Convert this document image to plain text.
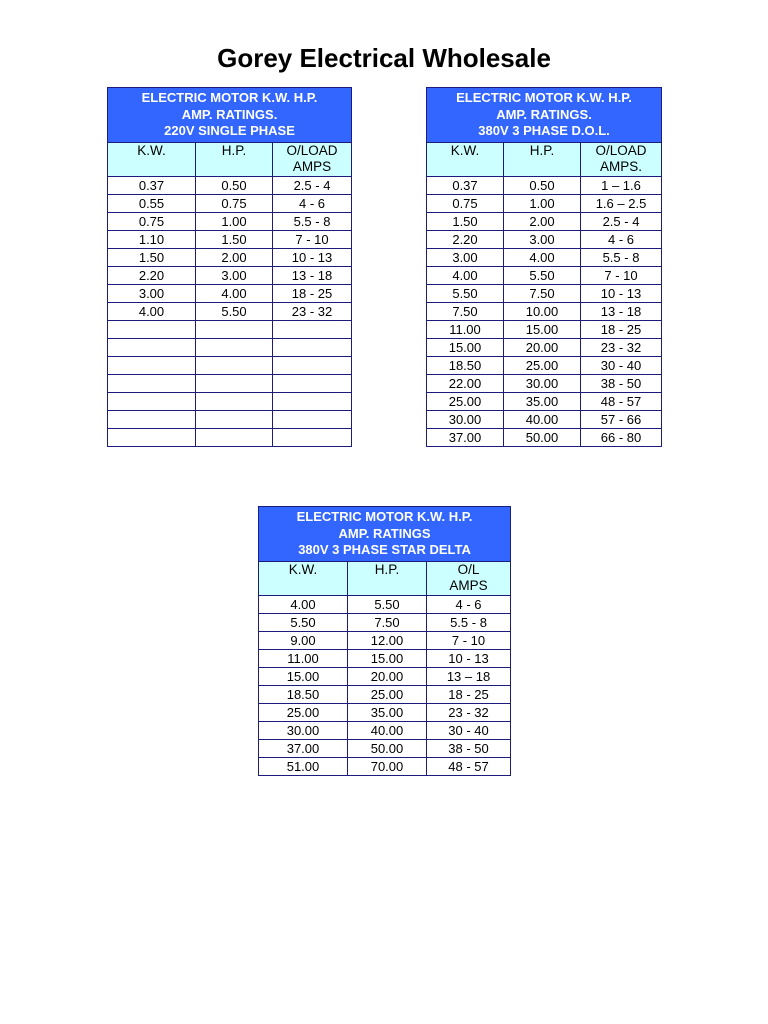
Gorey Electrical Wholesale
ELECTRIC MOTOR K.W. H.P.
AMP. RATINGS.
220V SINGLE PHASE		

K.W.	H.P.	O/LOAD
AMPS

0.37	0.50	2.5 - 4
0.55	0.75	4 - 6
0.75	1.00	5.5 - 8
1.10	1.50	7 - 10
1.50	2.00	10 - 13
2.20	3.00	13 - 18
3.00	4.00	18 - 25
4.00	5.50	23 - 32

ELECTRIC MOTOR K.W. H.P.
AMP. RATINGS.
380V 3 PHASE D.O.L.		

K.W.	H.P.	O/LOAD
AMPS.

0.37	0.50	1 – 1.6
0.75	1.00	1.6 – 2.5
1.50	2.00	2.5 - 4
2.20	3.00	4 - 6
3.00	4.00	5.5 - 8
4.00	5.50	7 - 10
5.50	7.50	10 - 13
7.50	10.00	13 - 18
11.00	15.00	18 - 25
15.00	20.00	23 - 32
18.50	25.00	30 - 40
22.00	30.00	38 - 50
25.00	35.00	48 - 57
30.00	40.00	57 - 66
37.00	50.00	66 - 80
ELECTRIC MOTOR K.W. H.P.
AMP. RATINGS
380V 3 PHASE STAR DELTA		

K.W.	H.P.	O/L
AMPS

4.00	5.50	4 - 6
5.50	7.50	5.5 - 8
9.00	12.00	7 - 10
11.00	15.00	10 - 13
15.00	20.00	13 – 18
18.50	25.00	18 - 25
25.00	35.00	23 - 32
30.00	40.00	30 - 40
37.00	50.00	38 - 50
51.00	70.00	48 - 57
